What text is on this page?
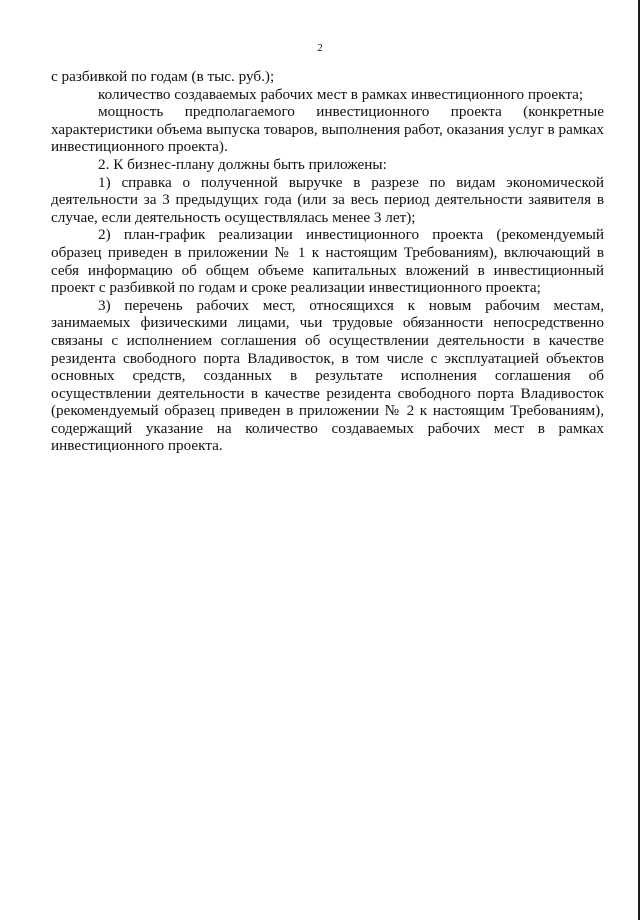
2

с разбивкой по годам (в тыс. руб.);

количество создаваемых рабочих мест в рамках инвестиционного проекта;

мощность предполагаемого инвестиционного проекта (конкретные характеристики объема выпуска товаров, выполнения работ, оказания услуг в рамках инвестиционного проекта).

2. К бизнес-плану должны быть приложены:

1) справка о полученной выручке в разрезе по видам экономической деятельности за 3 предыдущих года (или за весь период деятельности заявителя в случае, если деятельность осуществлялась менее 3 лет);

2) план-график реализации инвестиционного проекта (рекомендуемый образец приведен в приложении № 1 к настоящим Требованиям), включающий в себя информацию об общем объеме капитальных вложений в инвестиционный проект с разбивкой по годам и сроке реализации инвестиционного проекта;

3) перечень рабочих мест, относящихся к новым рабочим местам, занимаемых физическими лицами, чьи трудовые обязанности непосредственно связаны с исполнением соглашения об осуществлении деятельности в качестве резидента свободного порта Владивосток, в том числе с эксплуатацией объектов основных средств, созданных в результате исполнения соглашения об осуществлении деятельности в качестве резидента свободного порта Владивосток (рекомендуемый образец приведен в приложении № 2 к настоящим Требованиям), содержащий указание на количество создаваемых рабочих мест в рамках инвестиционного проекта.
